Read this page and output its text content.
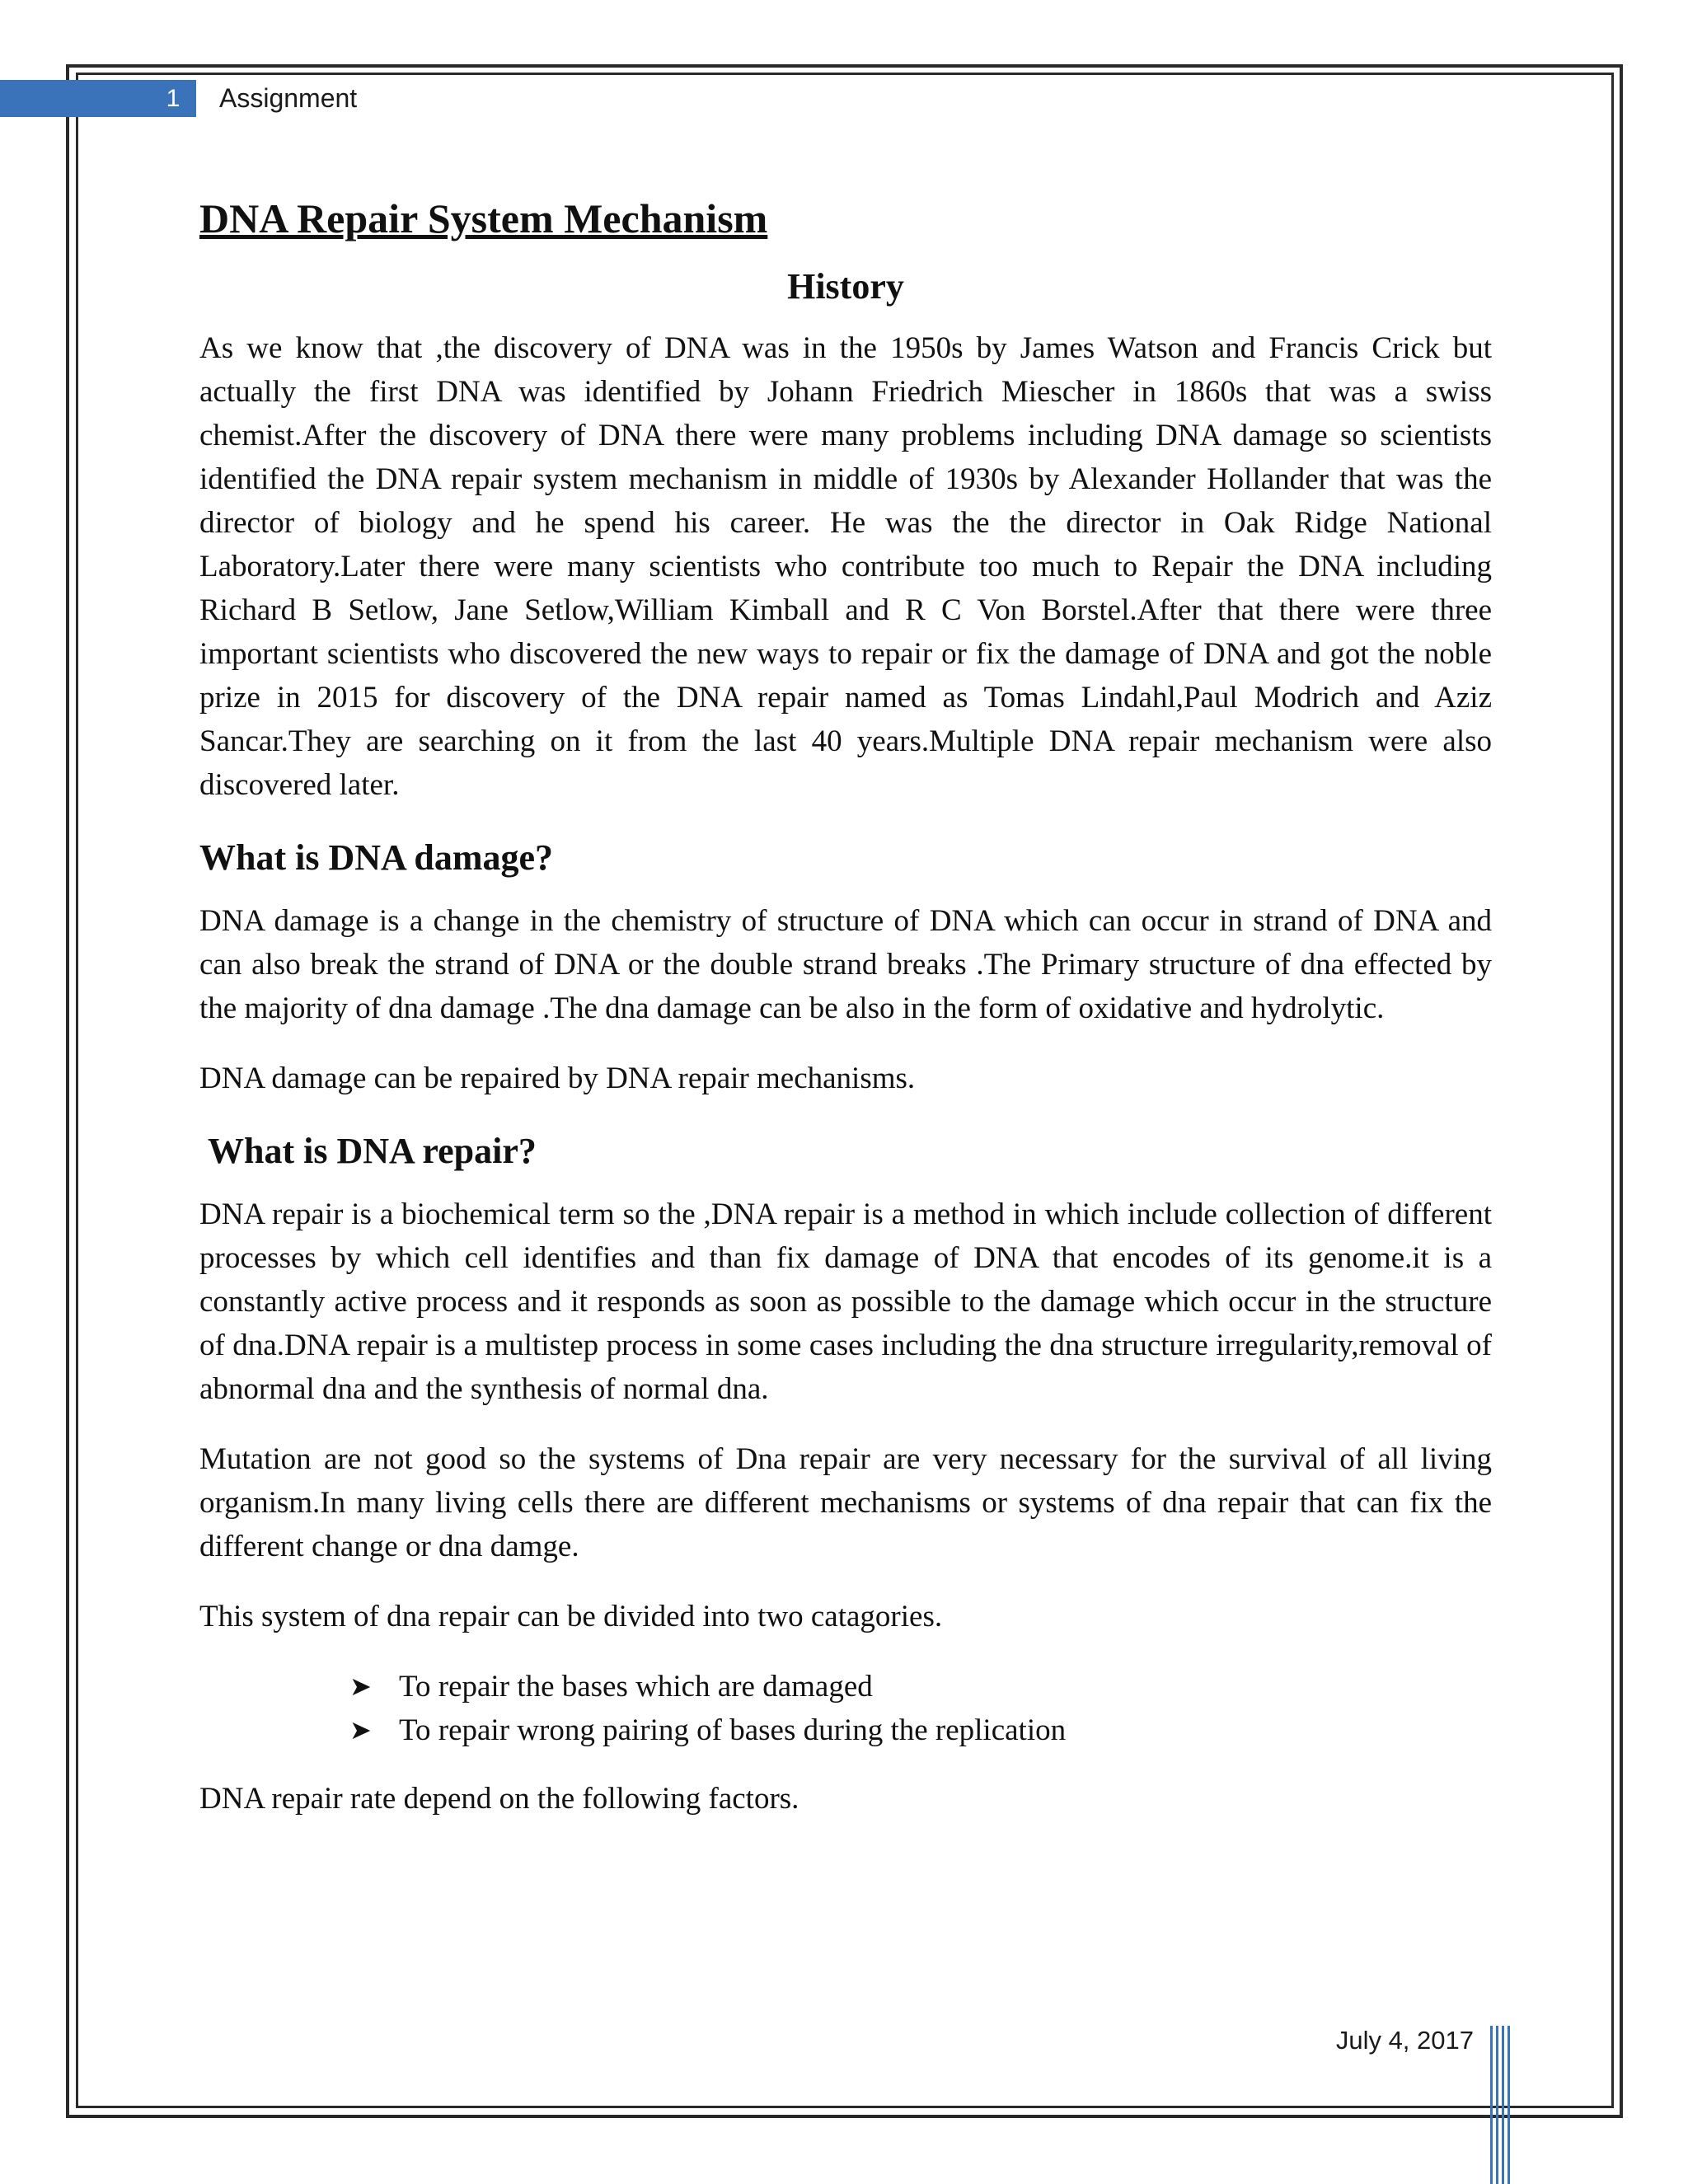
1	Assignment
DNA Repair System Mechanism
History

As we know that ,the discovery of DNA was in the 1950s by James Watson and Francis Crick but actually the first DNA was identified by Johann Friedrich Miescher in 1860s that was a swiss chemist.After the discovery of DNA there were many problems including DNA damage so scientists identified the DNA repair system mechanism in middle of 1930s by Alexander Hollander that was the director of biology and he spend his career. He was the the director in Oak Ridge National Laboratory.Later there were many scientists who contribute too much to Repair the DNA including Richard B Setlow, Jane Setlow,William Kimball and R C Von Borstel.After that there were three important scientists who discovered the new ways to repair or fix the damage of DNA and got the noble prize in 2015 for discovery of the DNA repair named as Tomas Lindahl,Paul Modrich and Aziz Sancar.They are searching on it from the last 40 years.Multiple DNA repair mechanism were also discovered later.

What is DNA damage?

DNA damage is a change in the chemistry of structure of DNA which can occur in strand of DNA and can also break the strand of DNA or the double strand breaks .The Primary structure of dna effected by the majority of dna damage .The dna damage can be also in the form of oxidative and hydrolytic.

DNA damage can be repaired by DNA repair mechanisms.

What is DNA repair?

DNA repair is a biochemical term so the ,DNA repair is a method in which include collection of different processes by which cell identifies and than fix damage of DNA that encodes of its genome.it is a constantly active process and it responds as soon as possible to the damage which occur in the structure of dna.DNA repair is a multistep process in some cases including the dna structure irregularity,removal of abnormal dna and the synthesis of normal dna.

Mutation are not good so the systems of Dna repair are very necessary for the survival of all living organism.In many living cells there are different mechanisms or systems of dna repair that can fix the different change or dna damge.

This system of dna repair can be divided into two catagories.

➤ To repair the bases which are damaged
➤ To repair wrong pairing of bases during the replication

DNA repair rate depend on the following factors.

July 4, 2017
